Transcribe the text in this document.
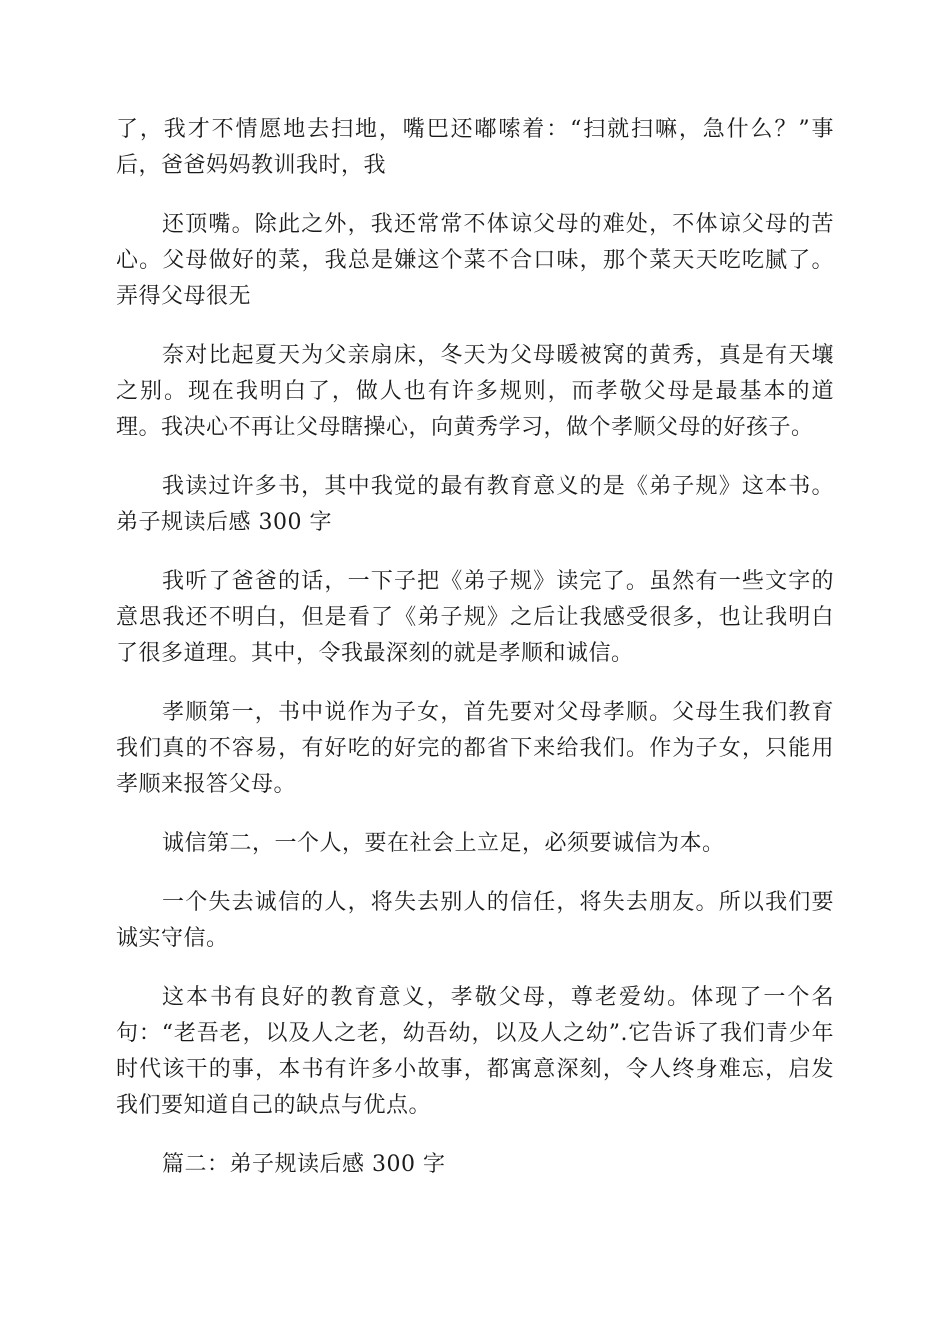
了，我才不情愿地去扫地，嘴巴还嘟嗦着：“扫就扫嘛，急什么？”事后，爸爸妈妈教训我时，我

还顶嘴。除此之外，我还常常不体谅父母的难处，不体谅父母的苦心。父母做好的菜，我总是嫌这个菜不合口味，那个菜天天吃吃腻了。弄得父母很无

奈对比起夏天为父亲扇床，冬天为父母暖被窝的黄秀，真是有天壤之别。现在我明白了，做人也有许多规则，而孝敬父母是最基本的道理。我决心不再让父母瞎操心，向黄秀学习，做个孝顺父母的好孩子。

我读过许多书，其中我觉的最有教育意义的是《弟子规》这本书。弟子规读后感 300 字

我听了爸爸的话，一下子把《弟子规》读完了。虽然有一些文字的意思我还不明白，但是看了《弟子规》之后让我感受很多，也让我明白了很多道理。其中，令我最深刻的就是孝顺和诚信。

孝顺第一，书中说作为子女，首先要对父母孝顺。父母生我们教育我们真的不容易，有好吃的好完的都省下来给我们。作为子女，只能用孝顺来报答父母。

诚信第二，一个人，要在社会上立足，必须要诚信为本。

一个失去诚信的人，将失去别人的信任，将失去朋友。所以我们要诚实守信。

这本书有良好的教育意义，孝敬父母，尊老爱幼。体现了一个名句：“老吾老，以及人之老，幼吾幼，以及人之幼”.它告诉了我们青少年时代该干的事，本书有许多小故事，都寓意深刻，令人终身难忘，启发我们要知道自己的缺点与优点。

篇二：弟子规读后感 300 字
